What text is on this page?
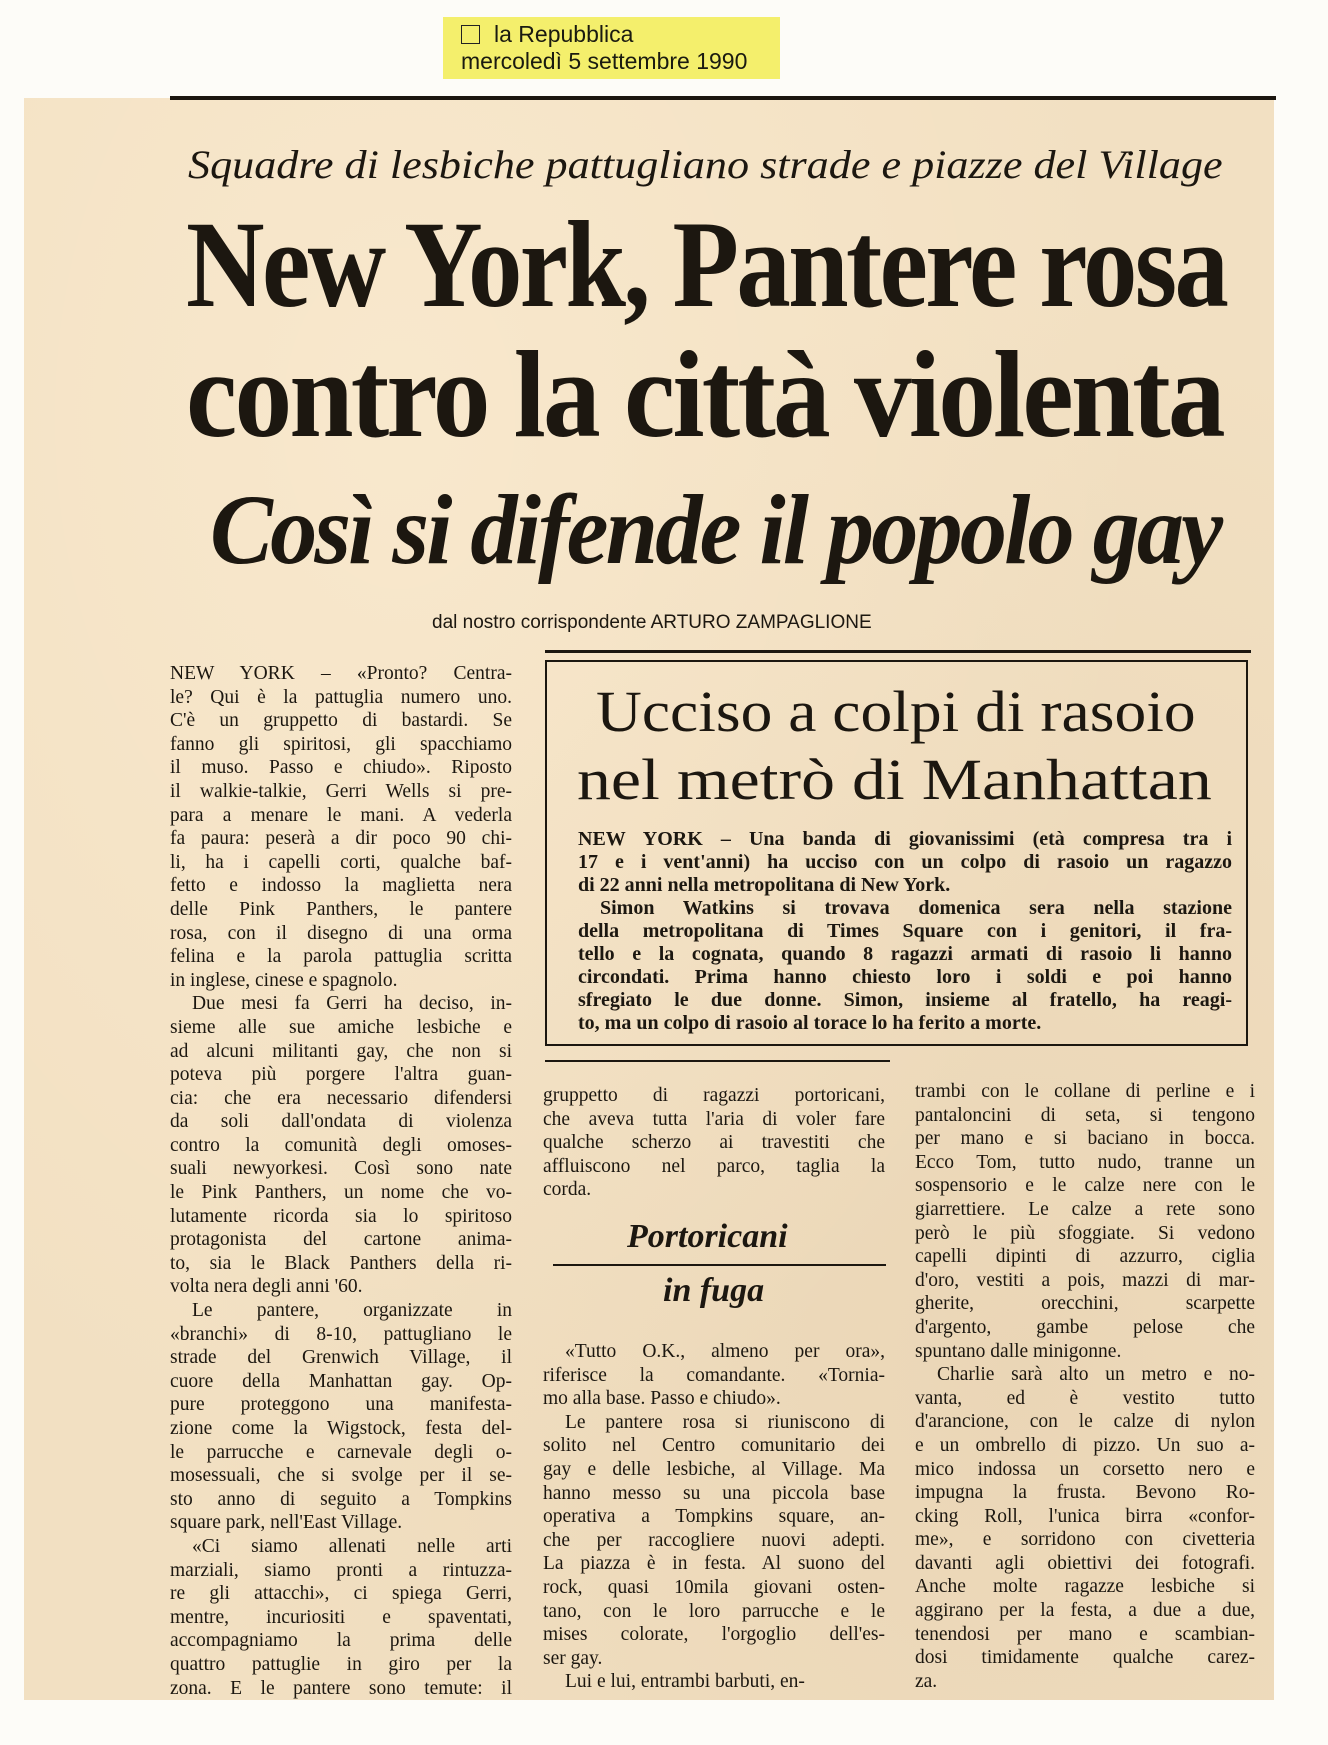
la Repubblica
mercoledì 5 settembre 1990
Squadre di lesbiche pattugliano strade e piazze del Village
New York, Pantere rosa
contro la città violenta
Così si difende il popolo gay
dal nostro corrispondente ARTURO ZAMPAGLIONE
NEW YORK – «Pronto? Centra-
le? Qui è la pattuglia numero uno.
C'è un gruppetto di bastardi. Se
fanno gli spiritosi, gli spacchiamo
il muso. Passo e chiudo». Riposto
il walkie-talkie, Gerri Wells si pre-
para a menare le mani. A vederla
fa paura: peserà a dir poco 90 chi-
li, ha i capelli corti, qualche baf-
fetto e indosso la maglietta nera
delle Pink Panthers, le pantere
rosa, con il disegno di una orma
felina e la parola pattuglia scritta
in inglese, cinese e spagnolo.
Due mesi fa Gerri ha deciso, in-
sieme alle sue amiche lesbiche e
ad alcuni militanti gay, che non si
poteva più porgere l'altra guan-
cia: che era necessario difendersi
da soli dall'ondata di violenza
contro la comunità degli omoses-
suali newyorkesi. Così sono nate
le Pink Panthers, un nome che vo-
lutamente ricorda sia lo spiritoso
protagonista del cartone anima-
to, sia le Black Panthers della ri-
volta nera degli anni '60.
Le pantere, organizzate in
«branchi» di 8-10, pattugliano le
strade del Grenwich Village, il
cuore della Manhattan gay. Op-
pure proteggono una manifesta-
zione come la Wigstock, festa del-
le parrucche e carnevale degli o-
mosessuali, che si svolge per il se-
sto anno di seguito a Tompkins
square park, nell'East Village.
«Ci siamo allenati nelle arti
marziali, siamo pronti a rintuzza-
re gli attacchi», ci spiega Gerri,
mentre, incuriositi e spaventati,
accompagniamo la prima delle
quattro pattuglie in giro per la
zona. E le pantere sono temute: il
Ucciso a colpi di rasoio
nel metrò di Manhattan
NEW YORK – Una banda di giovanissimi (età compresa tra i
17 e i vent'anni) ha ucciso con un colpo di rasoio un ragazzo
di 22 anni nella metropolitana di New York.
Simon Watkins si trovava domenica sera nella stazione
della metropolitana di Times Square con i genitori, il fra-
tello e la cognata, quando 8 ragazzi armati di rasoio li hanno
circondati. Prima hanno chiesto loro i soldi e poi hanno
sfregiato le due donne. Simon, insieme al fratello, ha reagi-
to, ma un colpo di rasoio al torace lo ha ferito a morte.
gruppetto di ragazzi portoricani,
che aveva tutta l'aria di voler fare
qualche scherzo ai travestiti che
affluiscono nel parco, taglia la
corda.
Portoricani
in fuga
«Tutto O.K., almeno per ora»,
riferisce la comandante. «Tornia-
mo alla base. Passo e chiudo».
Le pantere rosa si riuniscono di
solito nel Centro comunitario dei
gay e delle lesbiche, al Village. Ma
hanno messo su una piccola base
operativa a Tompkins square, an-
che per raccogliere nuovi adepti.
La piazza è in festa. Al suono del
rock, quasi 10mila giovani osten-
tano, con le loro parrucche e le
mises colorate, l'orgoglio dell'es-
ser gay.
Lui e lui, entrambi barbuti, en-
trambi con le collane di perline e i
pantaloncini di seta, si tengono
per mano e si baciano in bocca.
Ecco Tom, tutto nudo, tranne un
sospensorio e le calze nere con le
giarrettiere. Le calze a rete sono
però le più sfoggiate. Si vedono
capelli dipinti di azzurro, ciglia
d'oro, vestiti a pois, mazzi di mar-
gherite, orecchini, scarpette
d'argento, gambe pelose che
spuntano dalle minigonne.
Charlie sarà alto un metro e no-
vanta, ed è vestito tutto
d'arancione, con le calze di nylon
e un ombrello di pizzo. Un suo a-
mico indossa un corsetto nero e
impugna la frusta. Bevono Ro-
cking Roll, l'unica birra «confor-
me», e sorridono con civetteria
davanti agli obiettivi dei fotografi.
Anche molte ragazze lesbiche si
aggirano per la festa, a due a due,
tenendosi per mano e scambian-
dosi timidamente qualche carez-
za.
